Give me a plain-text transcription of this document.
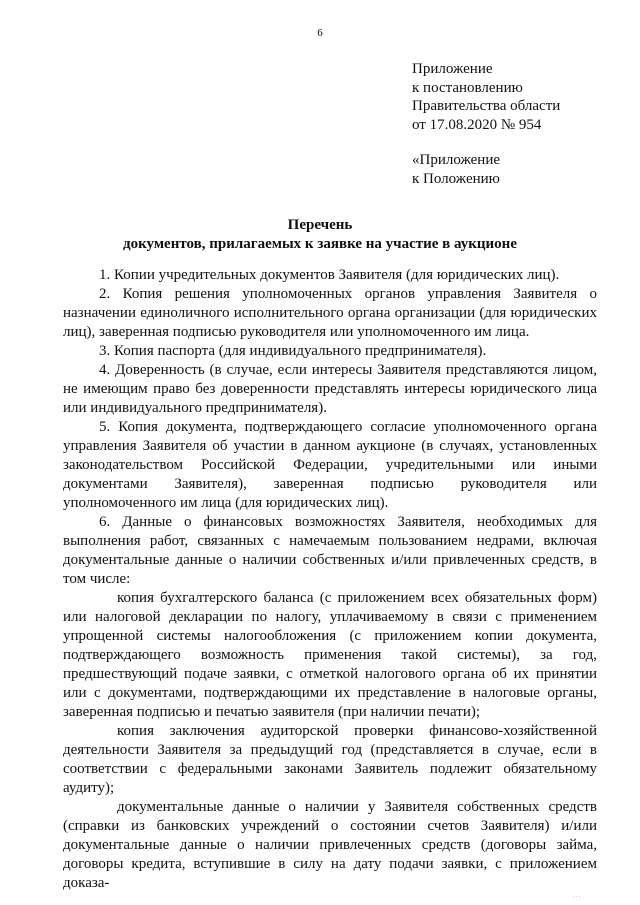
6
Приложение
к постановлению
Правительства области
от 17.08.2020 № 954
«Приложение
к Положению
Перечень
документов, прилагаемых к заявке на участие в аукционе

1. Копии учредительных документов Заявителя (для юридических лиц).

2. Копия решения уполномоченных органов управления Заявителя о назначении единоличного исполнительного органа организации (для юридических лиц), заверенная подписью руководителя или уполномоченного им лица.

3. Копия паспорта (для индивидуального предпринимателя).

4. Доверенность (в случае, если интересы Заявителя представляются лицом, не имеющим право без доверенности представлять интересы юридического лица или индивидуального предпринимателя).

5. Копия документа, подтверждающего согласие уполномоченного органа управления Заявителя об участии в данном аукционе (в случаях, установленных законодательством Российской Федерации, учредительными или иными документами Заявителя), заверенная подписью руководителя или уполномоченного им лица (для юридических лиц).

6. Данные о финансовых возможностях Заявителя, необходимых для выполнения работ, связанных с намечаемым пользованием недрами, включая документальные данные о наличии собственных и/или привлеченных средств, в том числе:

копия бухгалтерского баланса (с приложением всех обязательных форм) или налоговой декларации по налогу, уплачиваемому в связи с применением упрощенной системы налогообложения (с приложением копии документа, подтверждающего возможность применения такой системы), за год, предшествующий подаче заявки, с отметкой налогового органа об их принятии или с документами, подтверждающими их представление в налоговые органы, заверенная подписью и печатью заявителя (при наличии печати);

копия заключения аудиторской проверки финансово-хозяйственной деятельности Заявителя за предыдущий год (представляется в случае, если в соответствии с федеральными законами Заявитель подлежит обязательному аудиту);

документальные данные о наличии у Заявителя собственных средств (справки из банковских учреждений о состоянии счетов Заявителя) и/или документальные данные о наличии привлеченных средств (договоры займа, договоры кредита, вступившие в силу на дату подачи заявки, с приложением доказа-

. . .
